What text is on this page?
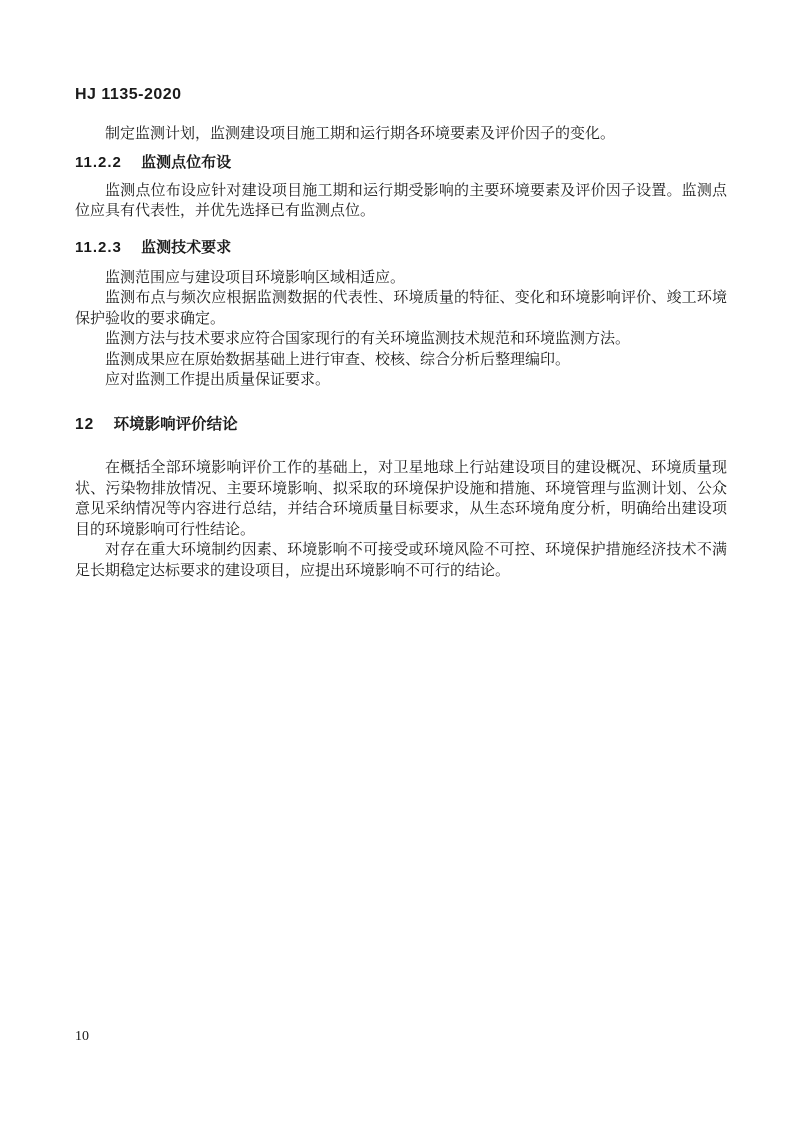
HJ 1135-2020

制定监测计划，监测建设项目施工期和运行期各环境要素及评价因子的变化。

11.2.2 监测点位布设

监测点位布设应针对建设项目施工期和运行期受影响的主要环境要素及评价因子设置。监测点位应具有代表性，并优先选择已有监测点位。

11.2.3 监测技术要求

监测范围应与建设项目环境影响区域相适应。

监测布点与频次应根据监测数据的代表性、环境质量的特征、变化和环境影响评价、竣工环境保护验收的要求确定。

监测方法与技术要求应符合国家现行的有关环境监测技术规范和环境监测方法。

监测成果应在原始数据基础上进行审查、校核、综合分析后整理编印。

应对监测工作提出质量保证要求。

12 环境影响评价结论

在概括全部环境影响评价工作的基础上，对卫星地球上行站建设项目的建设概况、环境质量现状、污染物排放情况、主要环境影响、拟采取的环境保护设施和措施、环境管理与监测计划、公众意见采纳情况等内容进行总结，并结合环境质量目标要求，从生态环境角度分析，明确给出建设项目的环境影响可行性结论。

对存在重大环境制约因素、环境影响不可接受或环境风险不可控、环境保护措施经济技术不满足长期稳定达标要求的建设项目，应提出环境影响不可行的结论。

10
